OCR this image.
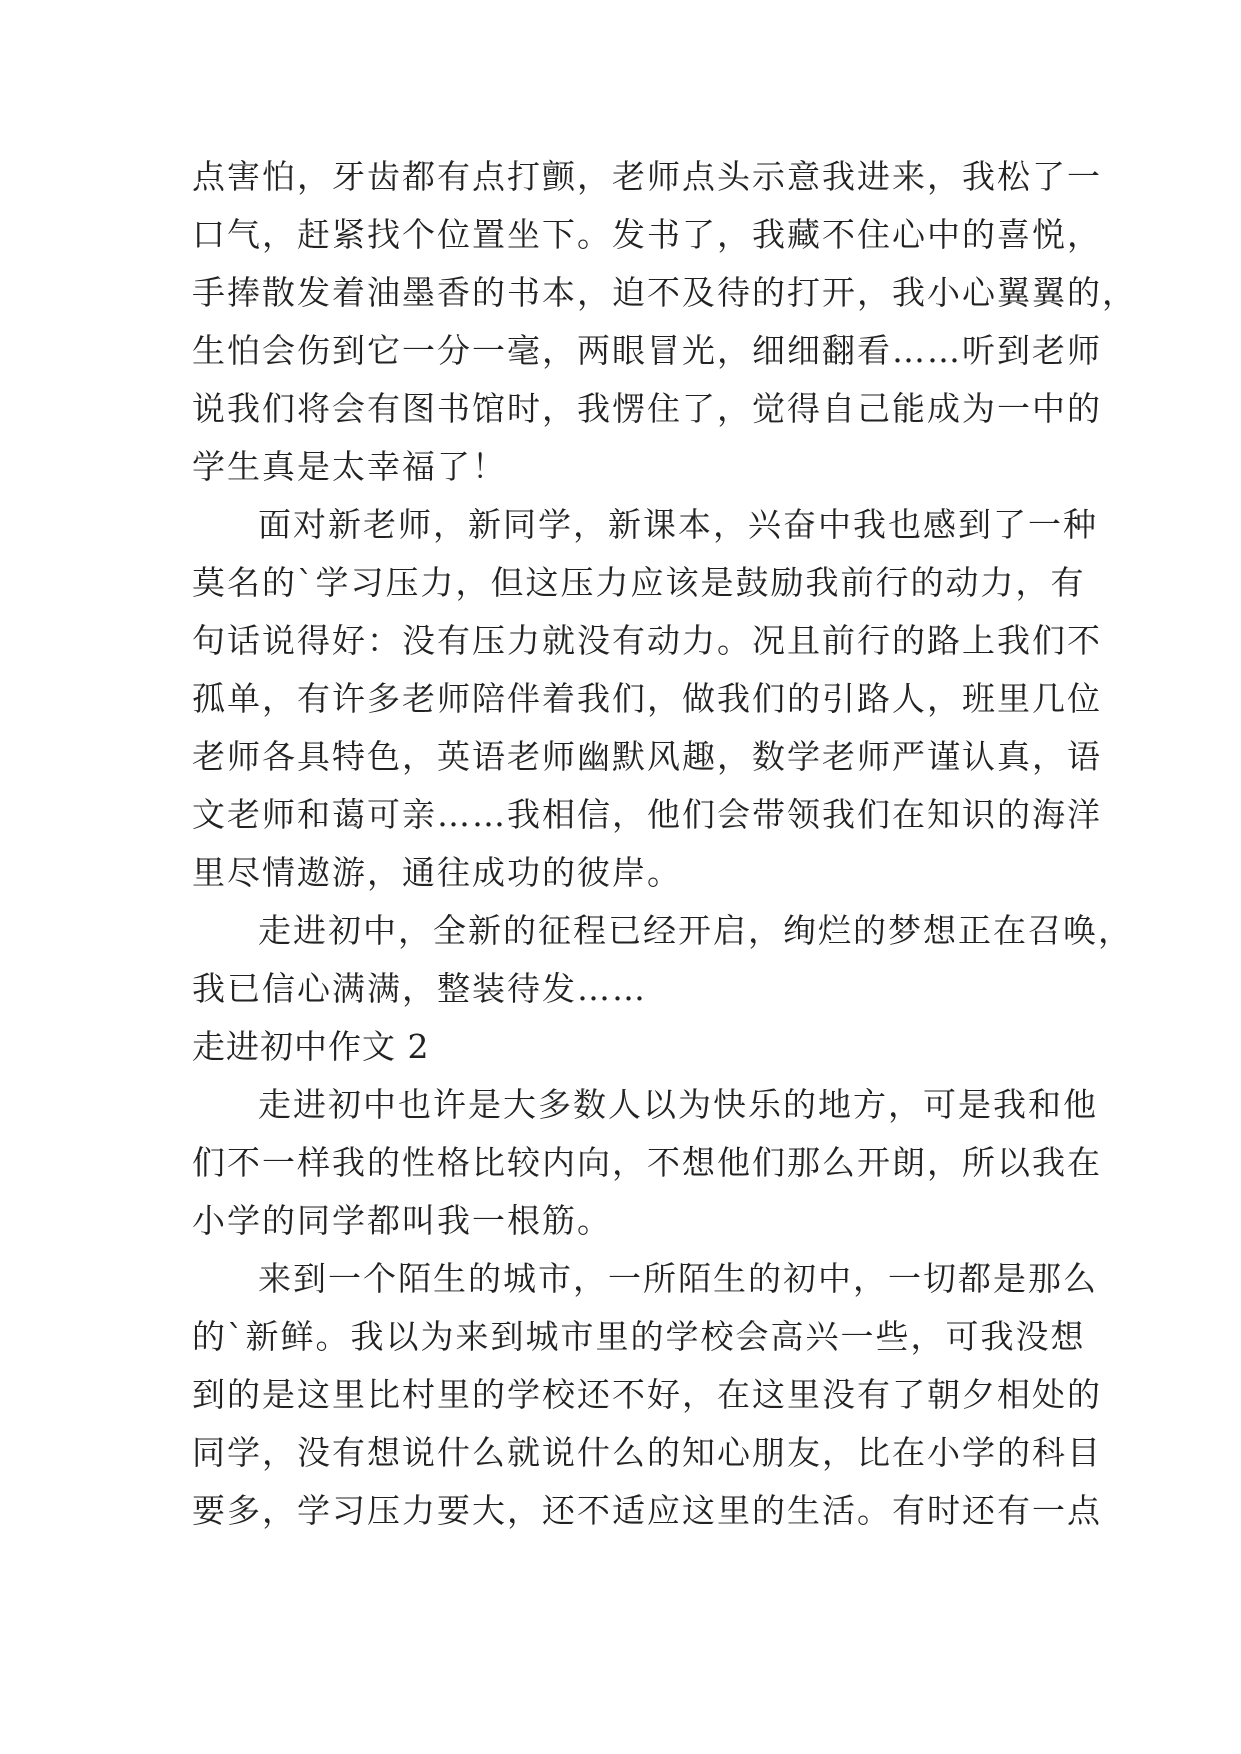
点害怕，牙齿都有点打颤，老师点头示意我进来，我松了一
口气，赶紧找个位置坐下。发书了，我藏不住心中的喜悦，
手捧散发着油墨香的书本，迫不及待的打开，我小心翼翼的，
生怕会伤到它一分一毫，两眼冒光，细细翻看……听到老师
说我们将会有图书馆时，我愣住了，觉得自己能成为一中的
学生真是太幸福了！
面对新老师，新同学，新课本，兴奋中我也感到了一种
莫名的`学习压力，但这压力应该是鼓励我前行的动力，有
句话说得好：没有压力就没有动力。况且前行的路上我们不
孤单，有许多老师陪伴着我们，做我们的引路人，班里几位
老师各具特色，英语老师幽默风趣，数学老师严谨认真，语
文老师和蔼可亲……我相信，他们会带领我们在知识的海洋
里尽情遨游，通往成功的彼岸。
走进初中，全新的征程已经开启，绚烂的梦想正在召唤，
我已信心满满，整装待发……
走进初中作文 2
走进初中也许是大多数人以为快乐的地方，可是我和他
们不一样我的性格比较内向，不想他们那么开朗，所以我在
小学的同学都叫我一根筋。
来到一个陌生的城市，一所陌生的初中，一切都是那么
的`新鲜。我以为来到城市里的学校会高兴一些，可我没想
到的是这里比村里的学校还不好，在这里没有了朝夕相处的
同学，没有想说什么就说什么的知心朋友，比在小学的科目
要多，学习压力要大，还不适应这里的生活。有时还有一点
